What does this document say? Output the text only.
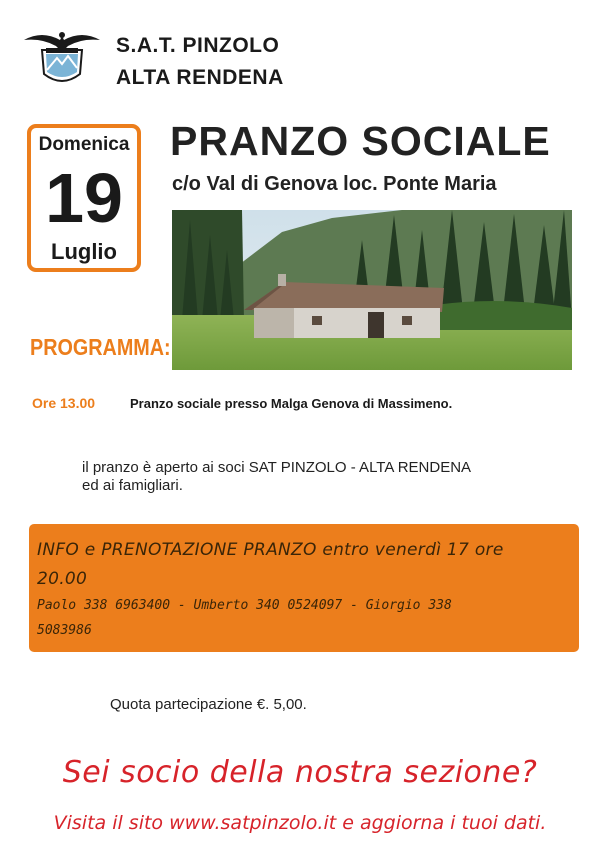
S.A.T. PINZOLO
ALTA RENDENA
Domenica
19
Luglio
PRANZO SOCIALE
c/o Val di Genova loc. Ponte Maria
PROGRAMMA:
Ore 13.00	Pranzo sociale presso Malga Genova di Massimeno.
il pranzo è aperto ai soci SAT PINZOLO - ALTA RENDENA
ed ai famigliari.
INFO e PRENOTAZIONE PRANZO entro venerdì 17 ore
20.00
Paolo 338 6963400 - Umberto 340 0524097 - Giorgio 338
5083986
Quota partecipazione €. 5,00.
Sei socio della nostra sezione?
Visita il sito www.satpinzolo.it e aggiorna i tuoi dati.
